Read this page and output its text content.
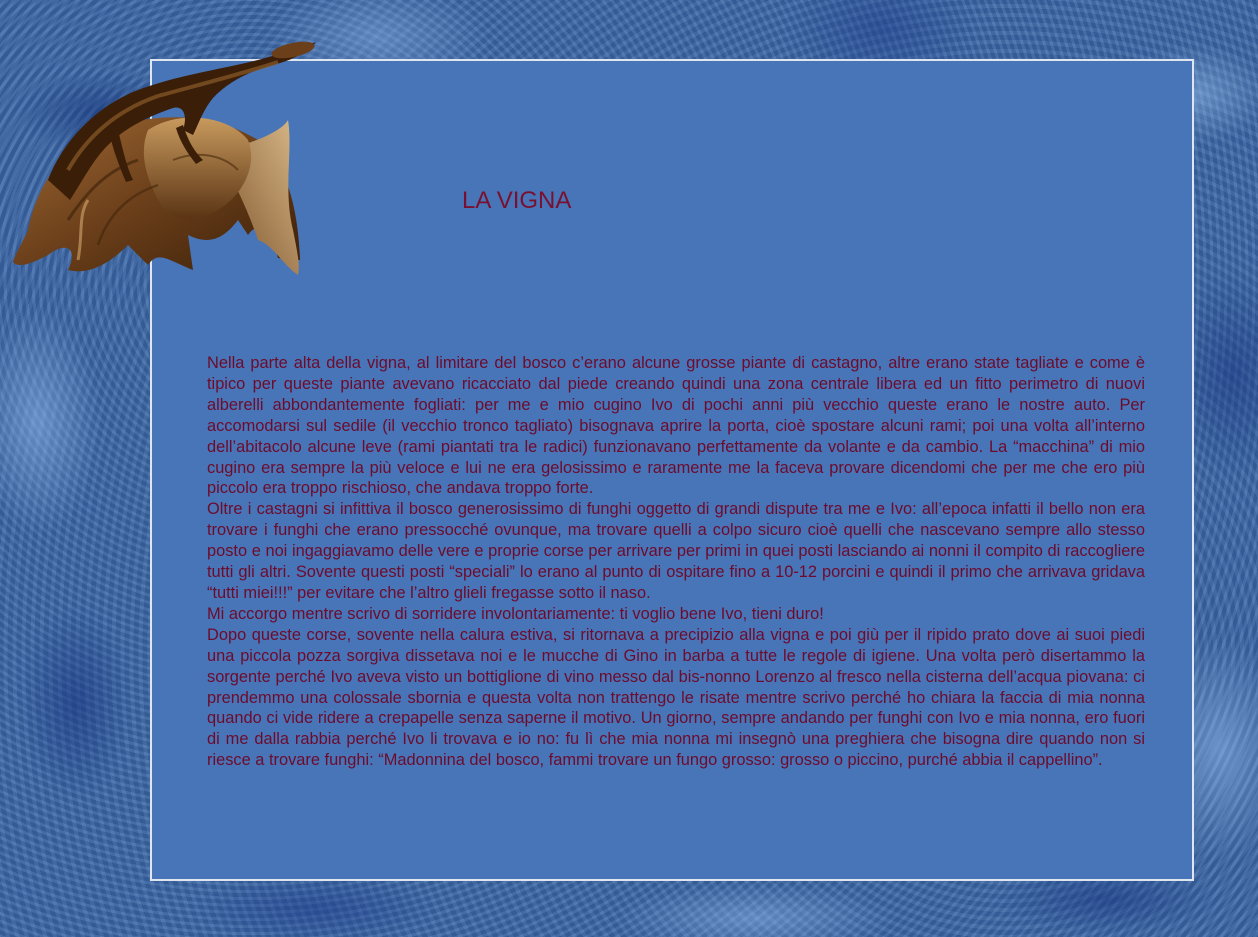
LA VIGNA

Nella parte alta della vigna, al limitare del bosco c’erano alcune grosse piante di castagno, altre erano state tagliate e come è tipico per queste piante avevano ricacciato dal piede creando quindi una zona centrale libera ed un fitto perimetro di nuovi alberelli abbondantemente fogliati: per me e mio cugino Ivo di pochi anni più vecchio queste erano le nostre auto. Per accomodarsi sul sedile (il vecchio tronco tagliato) bisognava aprire la porta, cioè spostare alcuni rami; poi una volta all’interno dell’abitacolo alcune leve (rami piantati tra le radici) funzionavano perfettamente da volante e da cambio. La “macchina” di mio cugino era sempre la più veloce e lui ne era gelosissimo e raramente me la faceva provare dicendomi che per me che ero più piccolo era troppo rischioso, che andava troppo forte.

Oltre i castagni si infittiva il bosco generosissimo di funghi oggetto di grandi dispute tra me e Ivo: all’epoca infatti il bello non era trovare i funghi che erano pressocché ovunque, ma trovare quelli a colpo sicuro cioè quelli che nascevano sempre allo stesso posto e noi ingaggiavamo delle vere e proprie corse per arrivare per primi in quei posti lasciando ai nonni il compito di raccogliere tutti gli altri. Sovente questi posti “speciali” lo erano al punto di ospitare fino a 10-12 porcini e quindi il primo che arrivava gridava “tutti miei!!!” per evitare che l’altro glieli fregasse sotto il naso.

Mi accorgo mentre scrivo di sorridere involontariamente: ti voglio bene Ivo, tieni duro!

Dopo queste corse, sovente nella calura estiva, si ritornava a precipizio alla vigna e poi giù per il ripido prato dove ai suoi piedi una piccola pozza sorgiva dissetava noi e le mucche di Gino in barba a tutte le regole di igiene. Una volta però disertammo la sorgente perché Ivo aveva visto un bottiglione di vino messo dal bis-nonno Lorenzo al fresco nella cisterna dell’acqua piovana: ci prendemmo una colossale sbornia e questa volta non trattengo le risate mentre scrivo perché ho chiara la faccia di mia nonna quando ci vide ridere a crepapelle senza saperne il motivo. Un giorno, sempre andando per funghi con Ivo e mia nonna, ero fuori di me dalla rabbia perché Ivo li trovava e io no: fu lì che mia nonna mi insegnò una preghiera che bisogna dire quando non si riesce a trovare funghi: “Madonnina del bosco, fammi trovare un fungo grosso: grosso o piccino, purché abbia il cappellino”.
